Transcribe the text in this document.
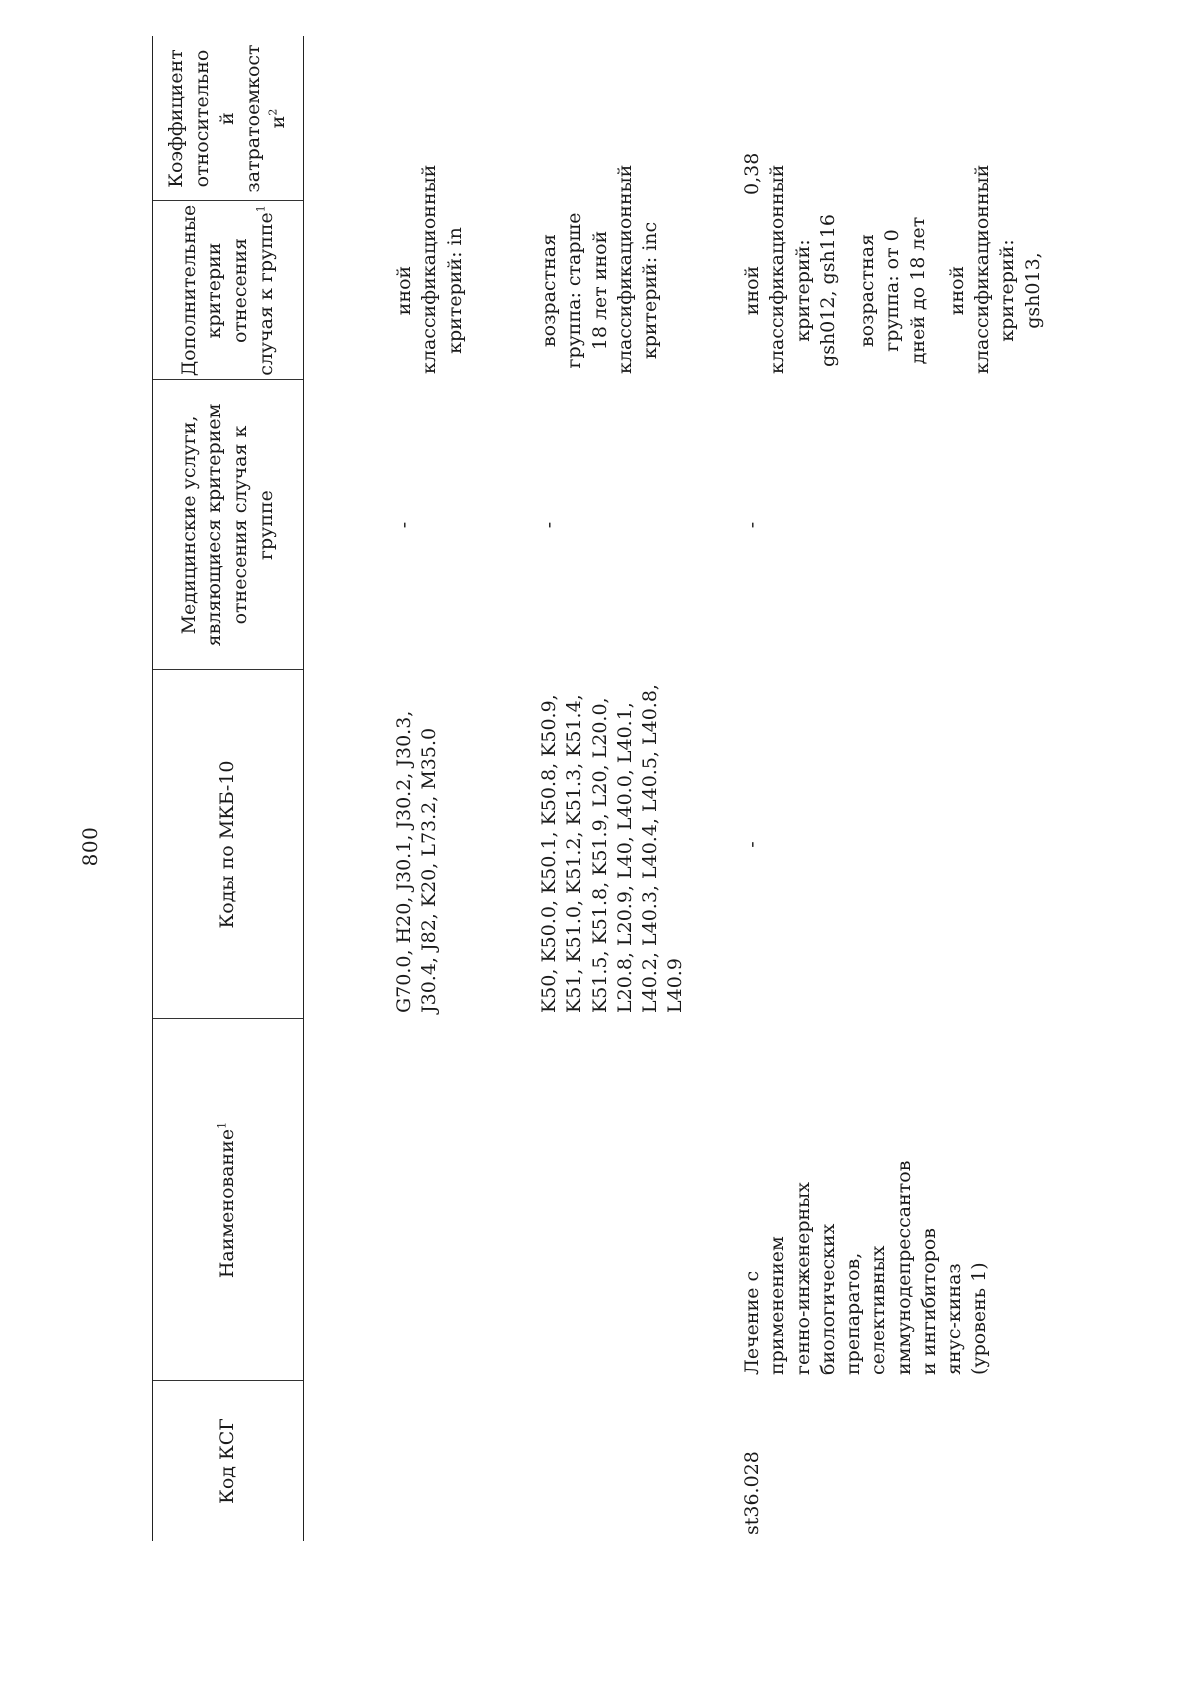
800
Код КСГ
Наименование$^1$
Коды по МКБ-10
Медицинские услуги, являющиеся критерием отнесения случая к группе
Дополнительные критерии отнесения случая к группе$^1$
Коэффициент относительно й затратоемкост $и^2$
G70.0, H20, J30.1, J30.2, J30.3, J30.4, J82, K20, L73.2, M35.0
-
иной классификационный критерий: in
K50, K50.0, K50.1, K50.8, K50.9, K51, K51.0, K51.2, K51.3, K51.4, K51.5, K51.8, K51.9, L20, L20.0, L20.8, L20.9, L40, L40.0, L40.1, L40.2, L40.3, L40.4, L40.5, L40.8, L40.9
-
возрастная группа: старше 18 лет иной классификационный критерий: inc
st36.028
Лечение с применением генно-инженерных биологических препаратов, селективных иммунодепрессантов и ингибиторов янус-киназ (уровень 1)
-
-
иной классификационный критерий: gsh012, gsh116 возрастная группа: от 0 дней до 18 лет иной классификационный критерий: gsh013,
0,38
